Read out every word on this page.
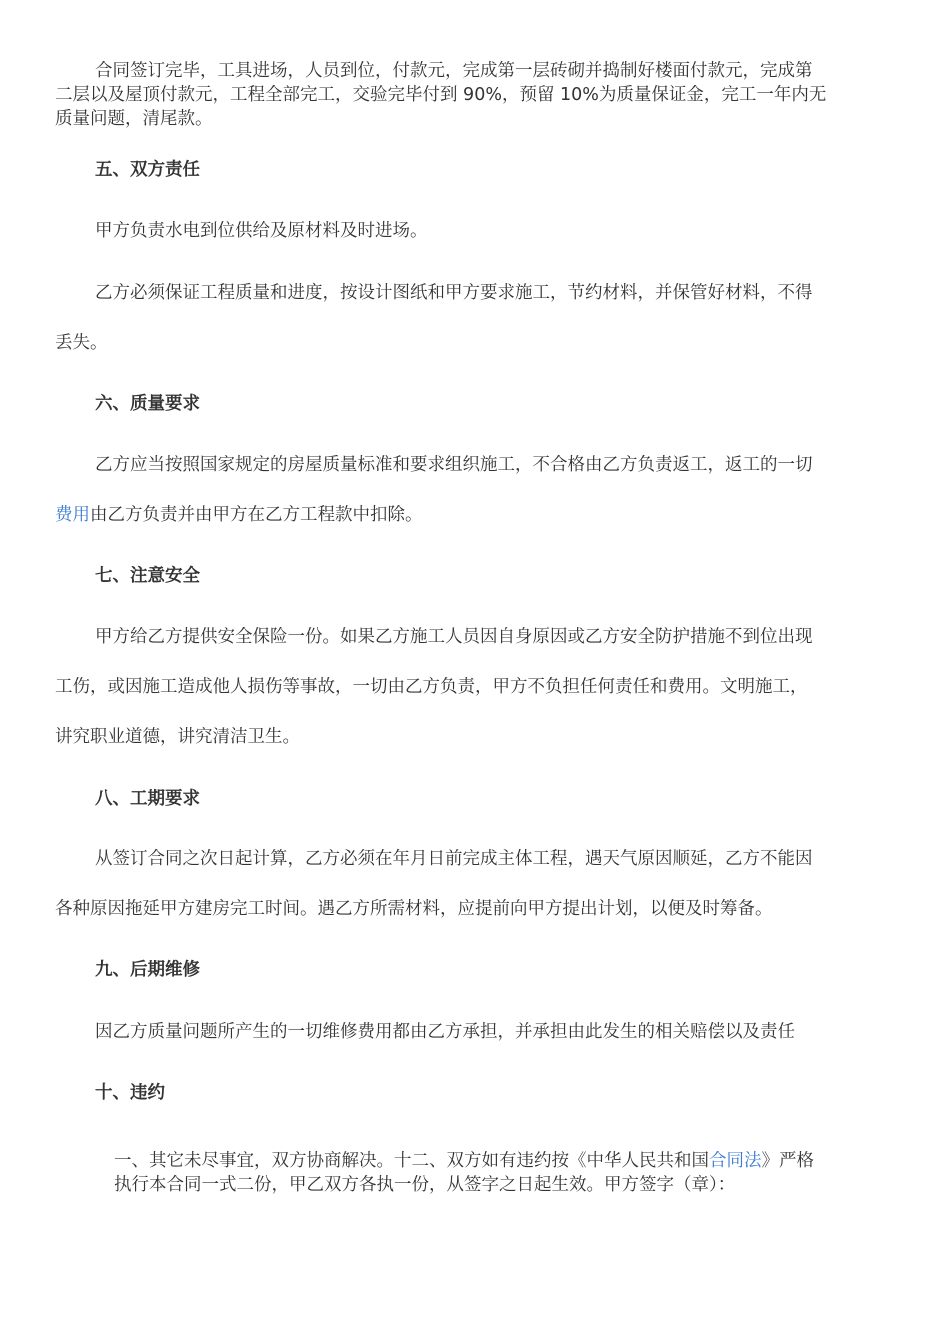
合同签订完毕，工具进场，人员到位，付款元，完成第一层砖砌并捣制好楼面付款元，完成第
二层以及屋顶付款元，工程全部完工，交验完毕付到 90%，预留 10%为质量保证金，完工一年内无
质量问题，清尾款。
五、双方责任
甲方负责水电到位供给及原材料及时进场。
乙方必须保证工程质量和进度，按设计图纸和甲方要求施工，节约材料，并保管好材料，不得
丢失。
六、质量要求
乙方应当按照国家规定的房屋质量标准和要求组织施工，不合格由乙方负责返工，返工的一切
费用由乙方负责并由甲方在乙方工程款中扣除。
七、注意安全
甲方给乙方提供安全保险一份。如果乙方施工人员因自身原因或乙方安全防护措施不到位出现
工伤，或因施工造成他人损伤等事故，一切由乙方负责，甲方不负担任何责任和费用。文明施工，
讲究职业道德，讲究清洁卫生。
八、工期要求
从签订合同之次日起计算，乙方必须在年月日前完成主体工程，遇天气原因顺延，乙方不能因
各种原因拖延甲方建房完工时间。遇乙方所需材料，应提前向甲方提出计划，以便及时筹备。
九、后期维修
因乙方质量问题所产生的一切维修费用都由乙方承担，并承担由此发生的相关赔偿以及责任
十、违约
一、其它未尽事宜，双方协商解决。十二、双方如有违约按《中华人民共和国合同法》严格
执行本合同一式二份，甲乙双方各执一份，从签字之日起生效。甲方签字（章）：
